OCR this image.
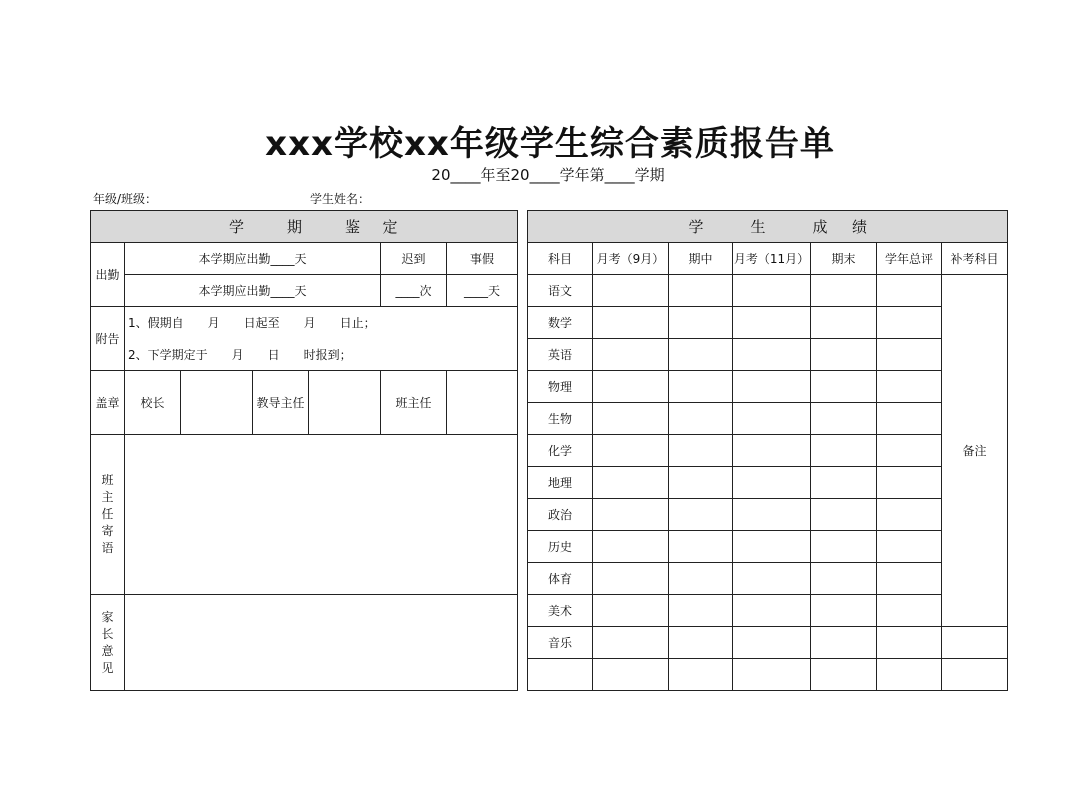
xxx学校xx年级学生综合素质报告单
20____年至20____学年第____学期
年级/班级：	学生姓名：
学 期 鉴 定							
出勤	本学期应出勤____天				迟到	事假	
	本学期应出勤____天				____次	____天	
附告	1、假期自　　月　　日起至　　月　　日止；						
	2、下学期定于　　月　　日　　时报到；						
盖章	校长		教导主任		班主任		
班主任寄语							
家长意见							
学 生 成 绩						
科目	月考（9月）	期中	月考（11月）	期末	学年总评	补考科目
语文						备注
数学						
英语						
物理						
生物						
化学						
地理						
政治						
历史						
体育						
美术						
音乐						
